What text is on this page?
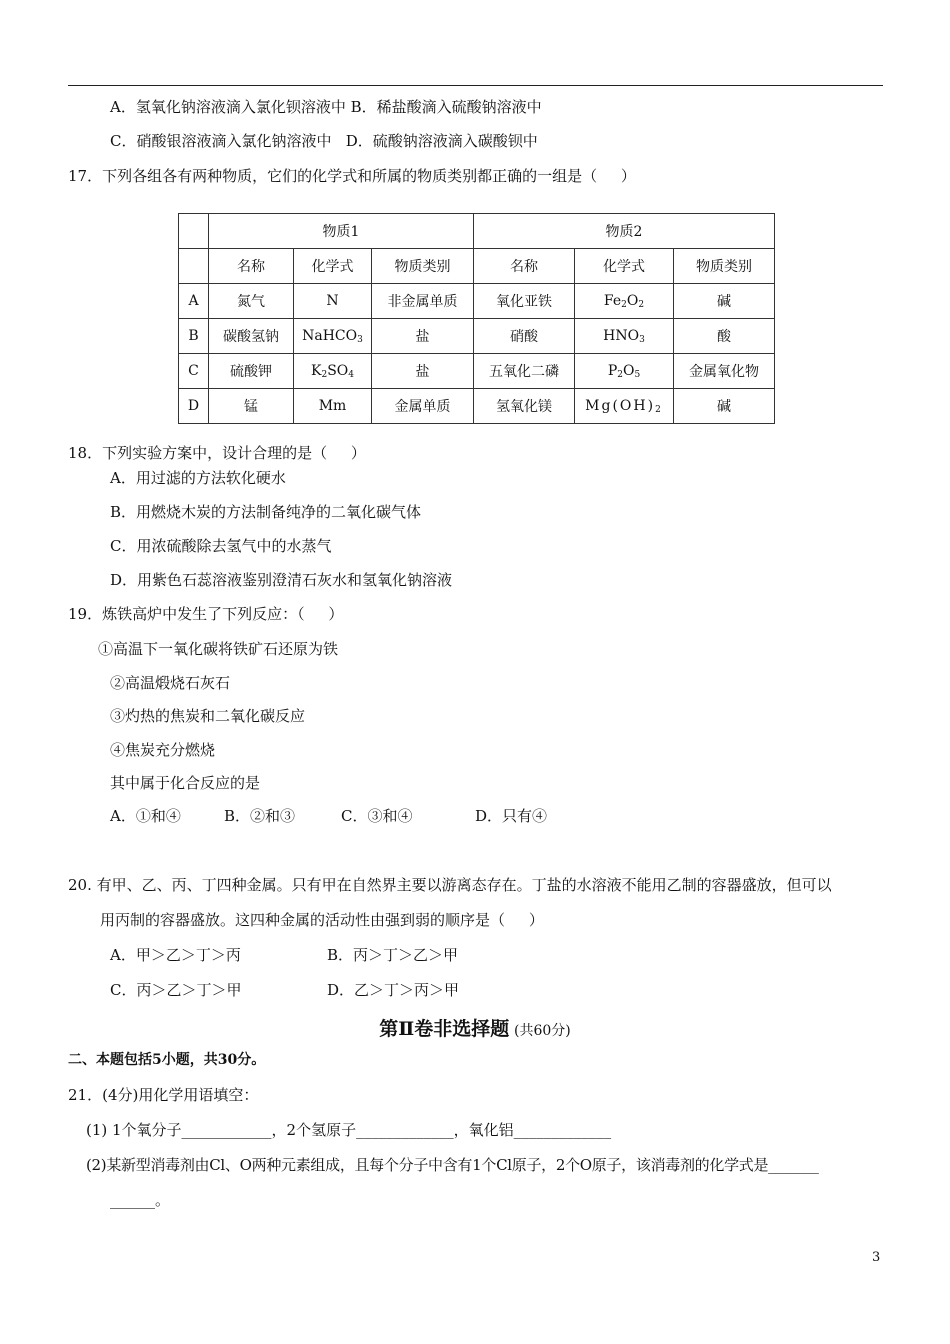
A．氢氧化钠溶液滴入氯化钡溶液中 B．稀盐酸滴入硫酸钠溶液中
C．硝酸银溶液滴入氯化钠溶液中   D．硫酸钠溶液滴入碳酸钡中
17．下列各组各有两种物质，它们的化学式和所属的物质类别都正确的一组是（     ）
	物质1			物质2		
	名称	化学式	物质类别	名称	化学式	物质类别
A	氮气	N	非金属单质	氧化亚铁	$Fe_2O_2$	碱
B	碳酸氢钠	NaHCO$_3$	盐	硝酸	$HNO_3$	酸
C	硫酸钾	$K_2SO_4$	盐	五氧化二磷	$P_2O_5$	金属氧化物
D	锰	Mm	金属单质	氢氧化镁	$Mg(OH)_2$	碱
18．下列实验方案中，设计合理的是（     ）
A．用过滤的方法软化硬水
B．用燃烧木炭的方法制备纯净的二氧化碳气体
C．用浓硫酸除去氢气中的水蒸气
D．用紫色石蕊溶液鉴别澄清石灰水和氢氧化钠溶液
19．炼铁高炉中发生了下列反应：（     ）
①高温下一氧化碳将铁矿石还原为铁
②高温煅烧石灰石
③灼热的焦炭和二氧化碳反应
④焦炭充分燃烧
其中属于化合反应的是
A．①和④	B．②和③	C．③和④	D．只有④
20. 有甲、乙、丙、丁四种金属。只有甲在自然界主要以游离态存在。丁盐的水溶液不能用乙制的容器盛放，但可以
用丙制的容器盛放。这四种金属的活动性由强到弱的顺序是（     ）
A．甲＞乙＞丁＞丙	B．丙＞丁＞乙＞甲
C．丙＞乙＞丁＞甲	D．乙＞丁＞丙＞甲
第Ⅱ卷非选择题 (共60分)
二、本题包括5小题，共30分。
21．(4分)用化学用语填空：
(1) 1个氧分子____________，2个氢原子_____________，氧化铝_____________
(2)某新型消毒剂由Cl、O两种元素组成，且每个分子中含有1个Cl原子，2个O原子，该消毒剂的化学式是_______
______。
3
